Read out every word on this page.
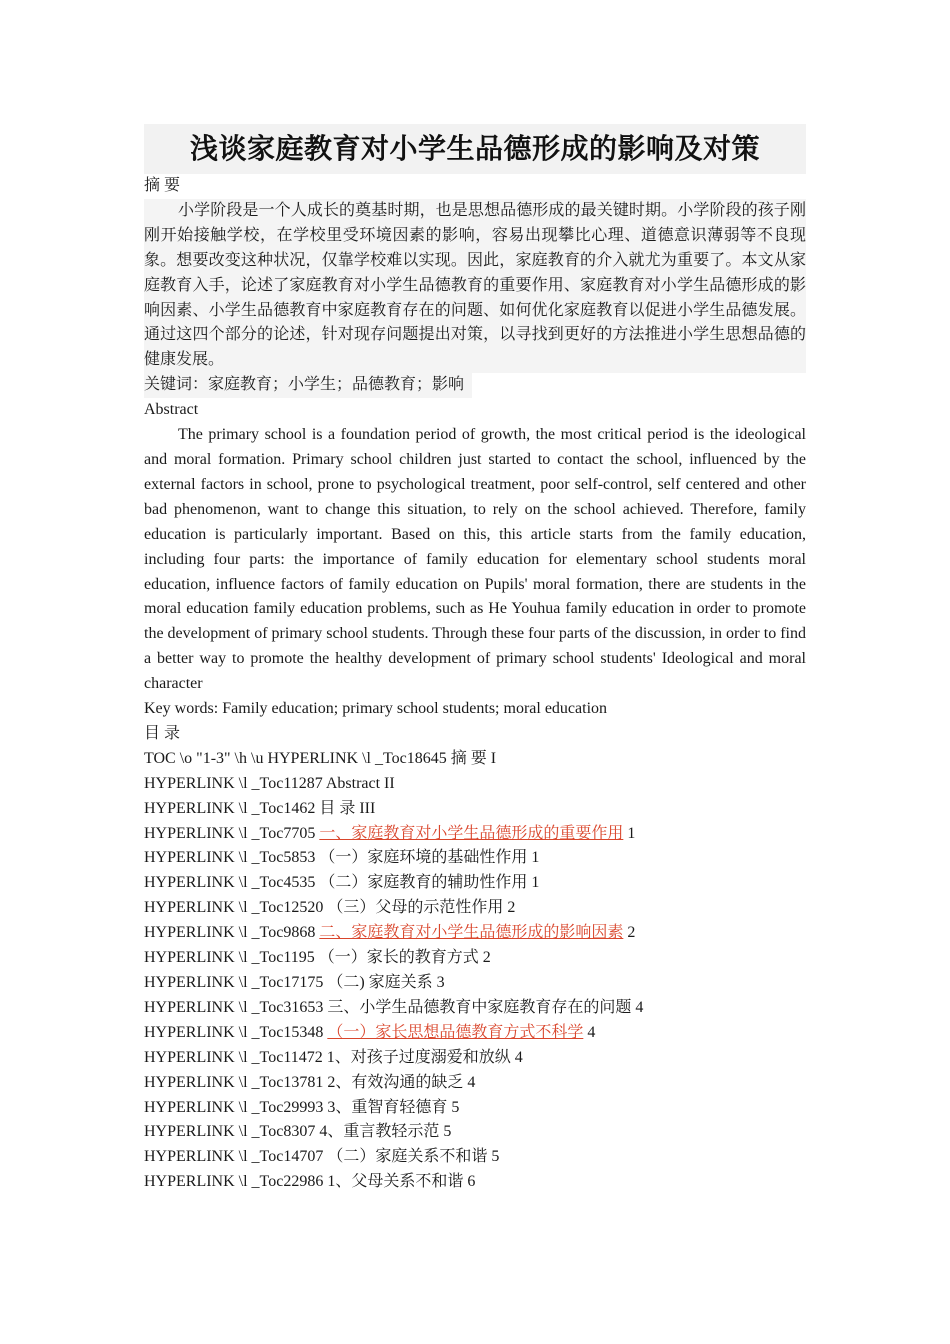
浅谈家庭教育对小学生品德形成的影响及对策
摘 要
小学阶段是一个人成长的奠基时期，也是思想品德形成的最关键时期。小学阶段的孩子刚刚开始接触学校，在学校里受环境因素的影响，容易出现攀比心理、道德意识薄弱等不良现象。想要改变这种状况，仅靠学校难以实现。因此，家庭教育的介入就尤为重要了。本文从家庭教育入手，论述了家庭教育对小学生品德教育的重要作用、家庭教育对小学生品德形成的影响因素、小学生品德教育中家庭教育存在的问题、如何优化家庭教育以促进小学生品德发展。通过这四个部分的论述，针对现存问题提出对策，以寻找到更好的方法推进小学生思想品德的健康发展。
关键词：家庭教育；小学生；品德教育；影响
Abstract
The primary school is a foundation period of growth, the most critical period is the ideological and moral formation. Primary school children just started to contact the school, influenced by the external factors in school, prone to psychological treatment, poor self-control, self centered and other bad phenomenon, want to change this situation, to rely on the school achieved. Therefore, family education is particularly important. Based on this, this article starts from the family education, including four parts: the importance of family education for elementary school students moral education, influence factors of family education on Pupils' moral formation, there are students in the moral education family education problems, such as He Youhua family education in order to promote the development of primary school students. Through these four parts of the discussion, in order to find a better way to promote the healthy development of primary school students' Ideological and moral character
Key words: Family education; primary school students; moral education
目 录
TOC \o "1-3" \h \u HYPERLINK \l _Toc18645 摘 要 I
HYPERLINK \l _Toc11287 Abstract II
HYPERLINK \l _Toc1462 目 录 III
HYPERLINK \l _Toc7705 一、家庭教育对小学生品德形成的重要作用 1
HYPERLINK \l _Toc5853 （一）家庭环境的基础性作用 1
HYPERLINK \l _Toc4535 （二）家庭教育的辅助性作用 1
HYPERLINK \l _Toc12520 （三）父母的示范性作用 2
HYPERLINK \l _Toc9868 二、家庭教育对小学生品德形成的影响因素 2
HYPERLINK \l _Toc1195 （一）家长的教育方式 2
HYPERLINK \l _Toc17175 （二) 家庭关系 3
HYPERLINK \l _Toc31653 三、小学生品德教育中家庭教育存在的问题 4
HYPERLINK \l _Toc15348 （一）家长思想品德教育方式不科学 4
HYPERLINK \l _Toc11472 1、对孩子过度溺爱和放纵 4
HYPERLINK \l _Toc13781 2、有效沟通的缺乏 4
HYPERLINK \l _Toc29993 3、重智育轻德育 5
HYPERLINK \l _Toc8307 4、重言教轻示范 5
HYPERLINK \l _Toc14707 （二）家庭关系不和谐 5
HYPERLINK \l _Toc22986 1、父母关系不和谐 6
